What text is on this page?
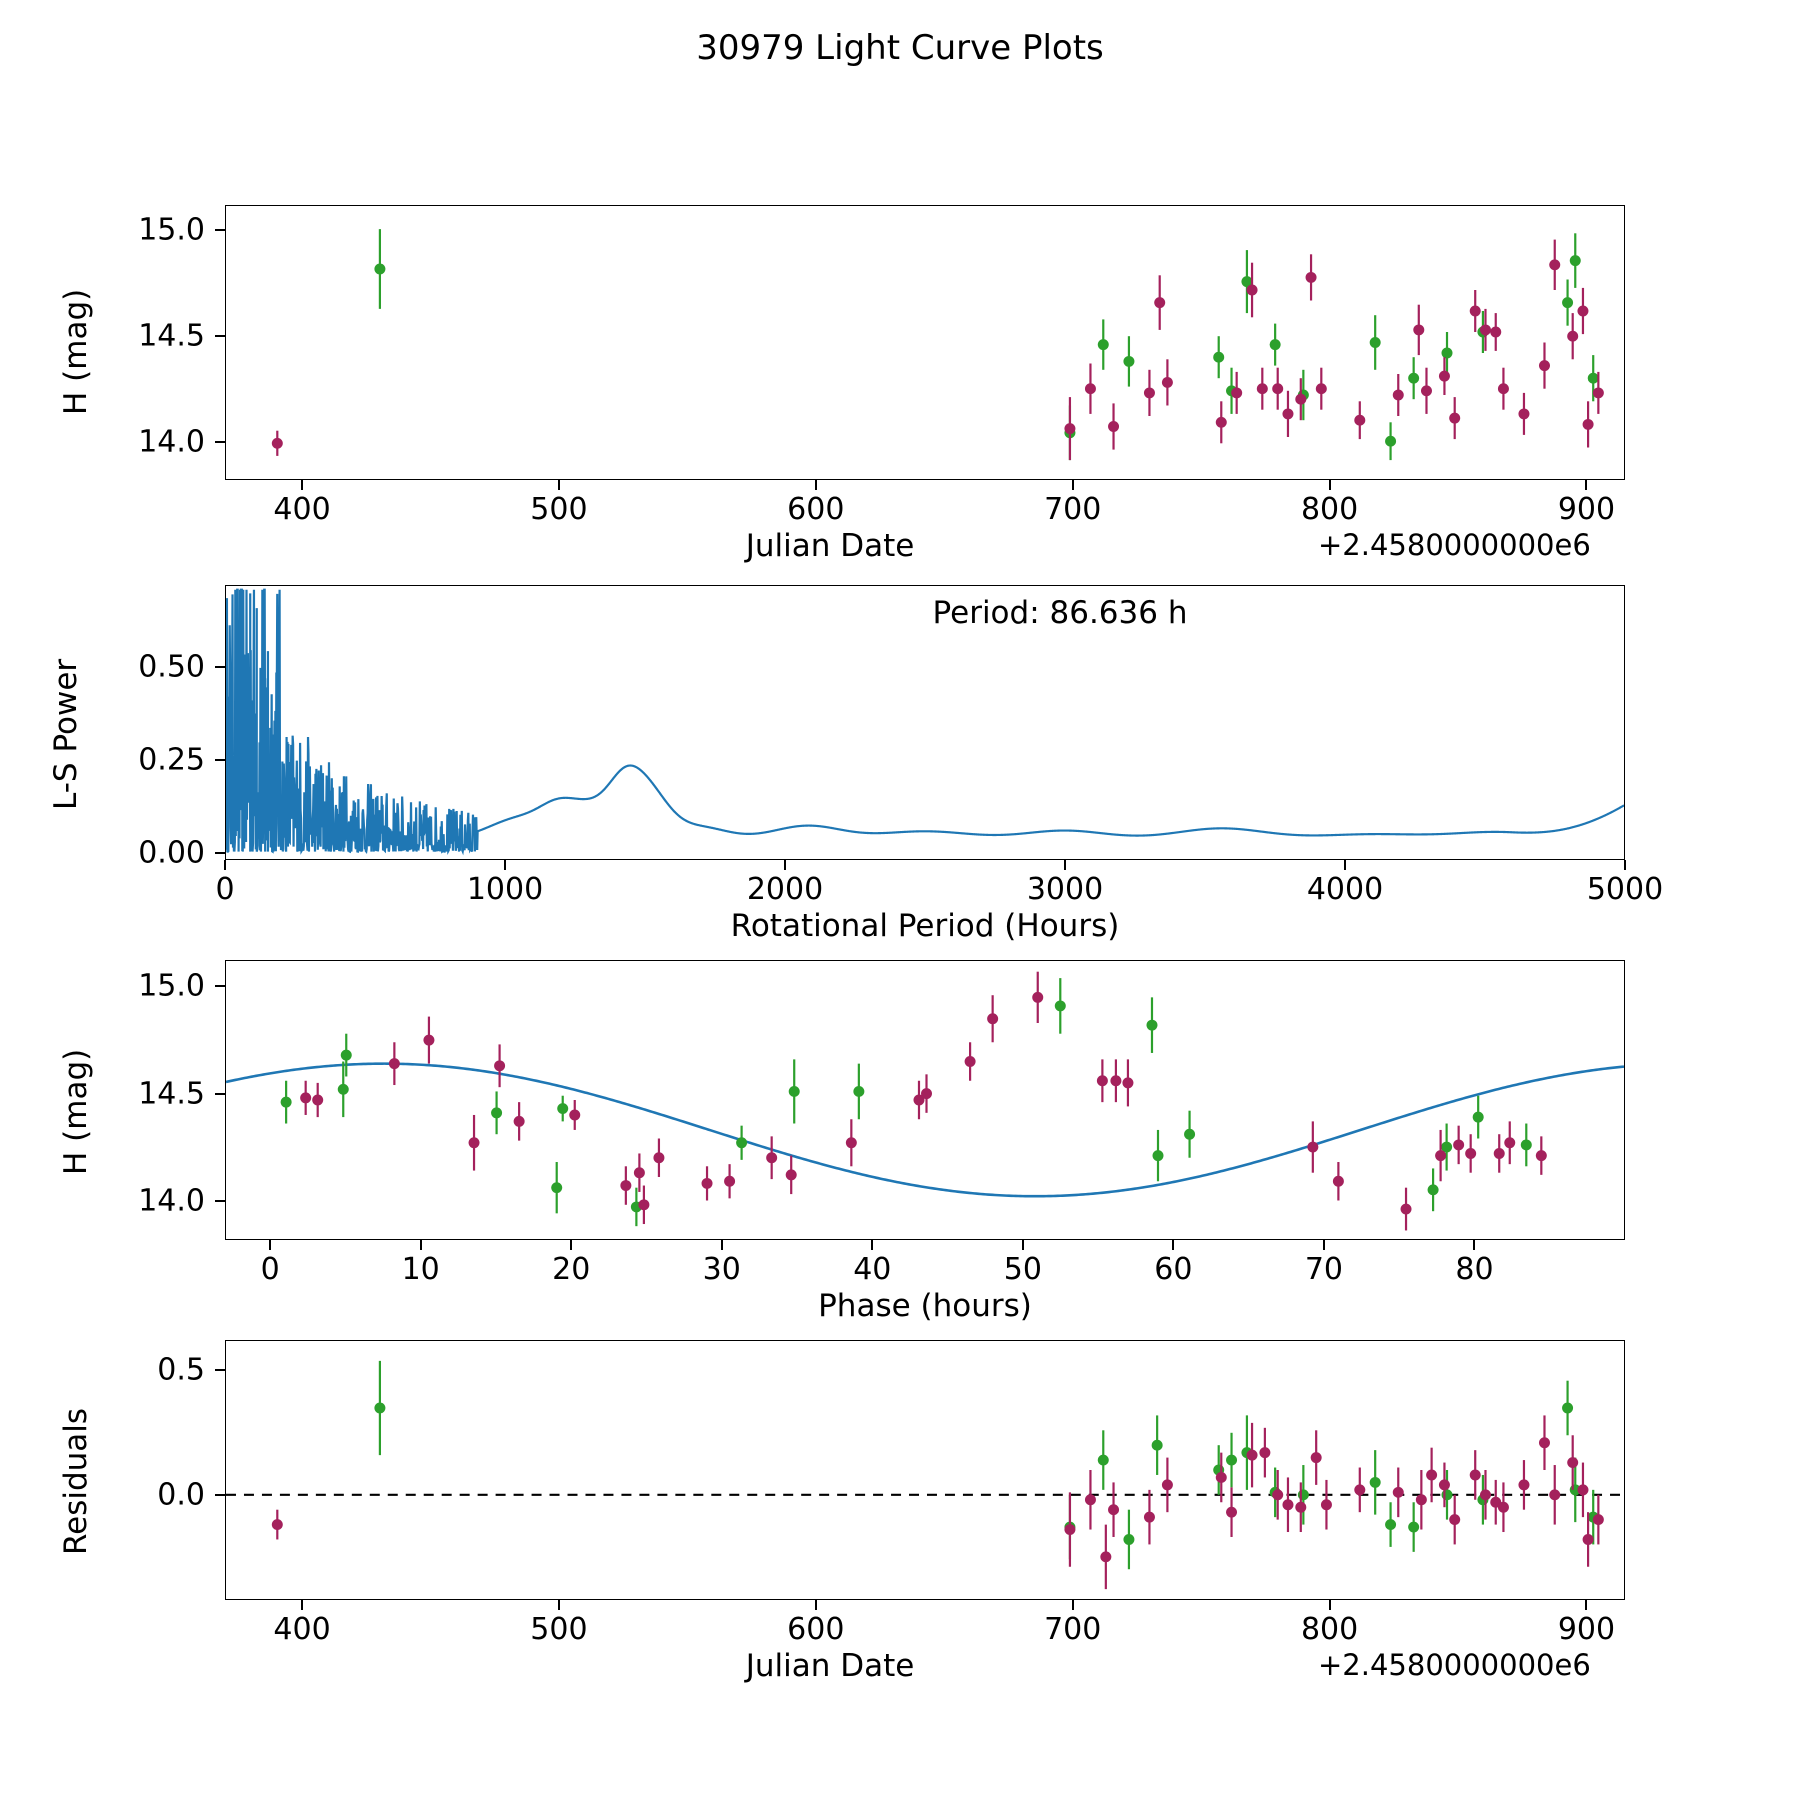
30979 Light Curve Plots
14.0
14.5
15.0
400	500	600	700	800	900
H (mag)
Julian Date	+2.4580000000e6
0.00
0.25
0.50
0	1000	2000	3000	4000	5000
L-S Power
Rotational Period (Hours)
Period: 86.636 h
14.0
14.5
15.0
0	10	20	30	40	50	60	70	80
H (mag)
Phase (hours)
0.0
0.5
400	500	600	700	800	900
Residuals
Julian Date	+2.4580000000e6
